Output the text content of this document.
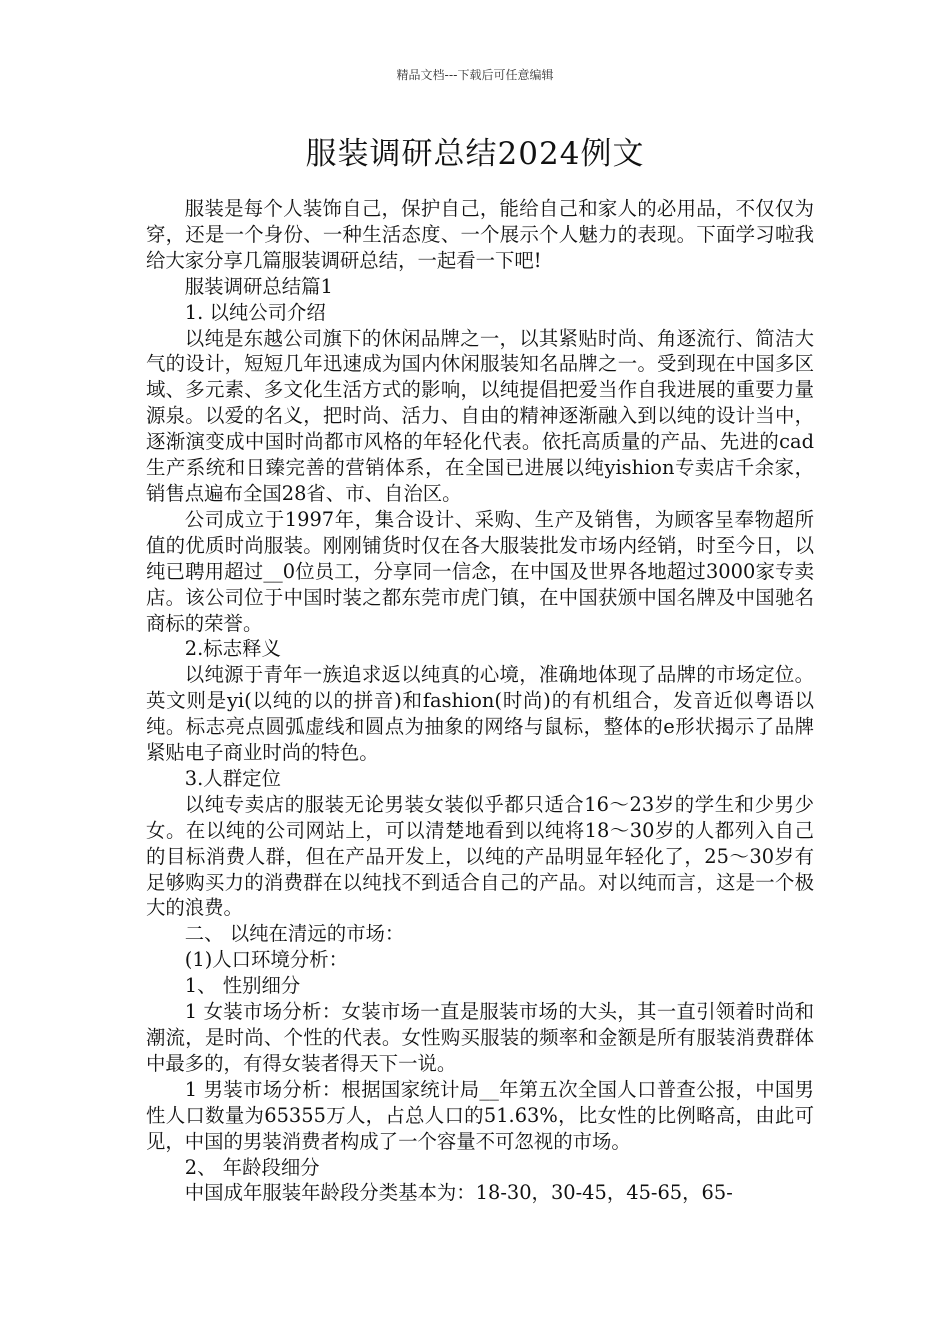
精品文档---下载后可任意编辑
服装调研总结2024例文

服装是每个人装饰自己，保护自己，能给自己和家人的必用品，不仅仅为穿，还是一个身份、一种生活态度、一个展示个人魅力的表现。下面学习啦我给大家分享几篇服装调研总结，一起看一下吧!

服装调研总结篇1

1. 以纯公司介绍

以纯是东越公司旗下的休闲品牌之一，以其紧贴时尚、角逐流行、简洁大气的设计，短短几年迅速成为国内休闲服装知名品牌之一。受到现在中国多区域、多元素、多文化生活方式的影响，以纯提倡把爱当作自我进展的重要力量源泉。以爱的名义，把时尚、活力、自由的精神逐渐融入到以纯的设计当中，逐渐演变成中国时尚都市风格的年轻化代表。依托高质量的产品、先进的cad生产系统和日臻完善的营销体系，在全国已进展以纯yishion专卖店千余家，销售点遍布全国28省、市、自治区。

公司成立于1997年，集合设计、采购、生产及销售，为顾客呈奉物超所值的优质时尚服装。刚刚铺货时仅在各大服装批发市场内经销，时至今日，以纯已聘用超过__0位员工，分享同一信念，在中国及世界各地超过3000家专卖店。该公司位于中国时装之都东莞市虎门镇，在中国获颁中国名牌及中国驰名商标的荣誉。

2.标志释义

以纯源于青年一族追求返以纯真的心境，准确地体现了品牌的市场定位。英文则是yi(以纯的以的拼音)和fashion(时尚)的有机组合，发音近似粤语以纯。标志亮点圆弧虚线和圆点为抽象的网络与鼠标，整体的e形状揭示了品牌紧贴电子商业时尚的特色。

3.人群定位

以纯专卖店的服装无论男装女装似乎都只适合16～23岁的学生和少男少女。在以纯的公司网站上，可以清楚地看到以纯将18～30岁的人都列入自己的目标消费人群，但在产品开发上，以纯的产品明显年轻化了，25～30岁有足够购买力的消费群在以纯找不到适合自己的产品。对以纯而言，这是一个极大的浪费。

二、 以纯在清远的市场：

(1)人口环境分析：

1、 性别细分

1 女装市场分析：女装市场一直是服装市场的大头，其一直引领着时尚和潮流，是时尚、个性的代表。女性购买服装的频率和金额是所有服装消费群体中最多的，有得女装者得天下一说。

1 男装市场分析：根据国家统计局__年第五次全国人口普查公报，中国男性人口数量为65355万人，占总人口的51.63%，比女性的比例略高，由此可见，中国的男装消费者构成了一个容量不可忽视的市场。

2、 年龄段细分

中国成年服装年龄段分类基本为：18-30，30-45，45-65，65-
